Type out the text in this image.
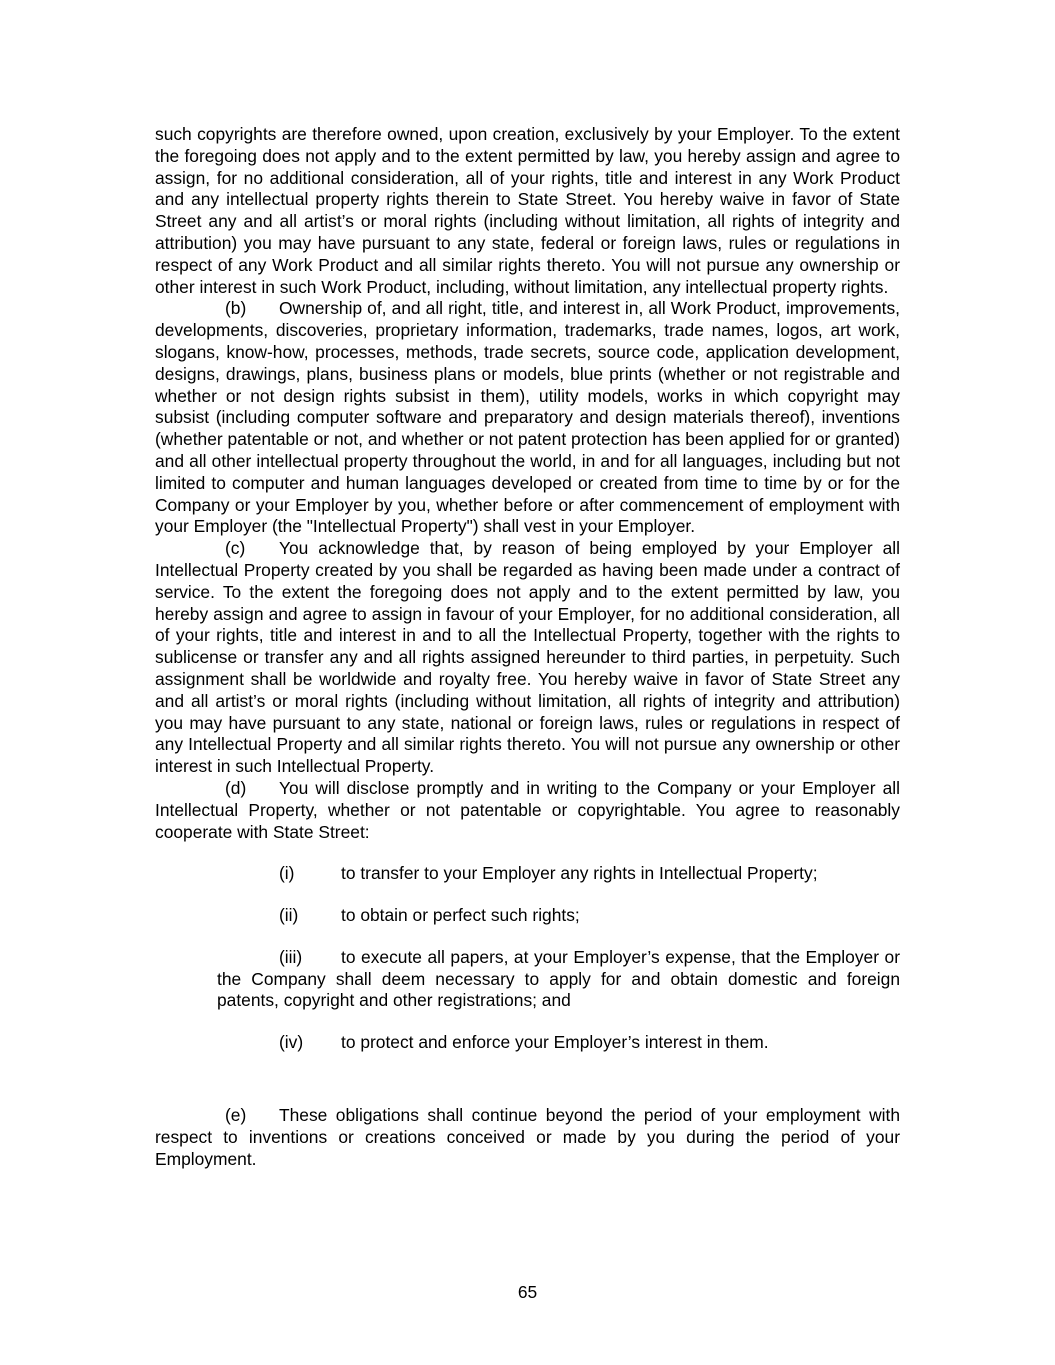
such copyrights are therefore owned, upon creation, exclusively by your Employer. To the extent the foregoing does not apply and to the extent permitted by law, you hereby assign and agree to assign, for no additional consideration, all of your rights, title and interest in any Work Product and any intellectual property rights therein to State Street. You hereby waive in favor of State Street any and all artist’s or moral rights (including without limitation, all rights of integrity and attribution) you may have pursuant to any state, federal or foreign laws, rules or regulations in respect of any Work Product and all similar rights thereto. You will not pursue any ownership or other interest in such Work Product, including, without limitation, any intellectual property rights.

(b) Ownership of, and all right, title, and interest in, all Work Product, improvements, developments, discoveries, proprietary information, trademarks, trade names, logos, art work, slogans, know-how, processes, methods, trade secrets, source code, application development, designs, drawings, plans, business plans or models, blue prints (whether or not registrable and whether or not design rights subsist in them), utility models, works in which copyright may subsist (including computer software and preparatory and design materials thereof), inventions (whether patentable or not, and whether or not patent protection has been applied for or granted) and all other intellectual property throughout the world, in and for all languages, including but not limited to computer and human languages developed or created from time to time by or for the Company or your Employer by you, whether before or after commencement of employment with your Employer (the "Intellectual Property") shall vest in your Employer.

(c) You acknowledge that, by reason of being employed by your Employer all Intellectual Property created by you shall be regarded as having been made under a contract of service. To the extent the foregoing does not apply and to the extent permitted by law, you hereby assign and agree to assign in favour of your Employer, for no additional consideration, all of your rights, title and interest in and to all the Intellectual Property, together with the rights to sublicense or transfer any and all rights assigned hereunder to third parties, in perpetuity. Such assignment shall be worldwide and royalty free. You hereby waive in favor of State Street any and all artist’s or moral rights (including without limitation, all rights of integrity and attribution) you may have pursuant to any state, national or foreign laws, rules or regulations in respect of any Intellectual Property and all similar rights thereto. You will not pursue any ownership or other interest in such Intellectual Property.

(d) You will disclose promptly and in writing to the Company or your Employer all Intellectual Property, whether or not patentable or copyrightable. You agree to reasonably cooperate with State Street:

(i)	to transfer to your Employer any rights in Intellectual Property;

(ii) to obtain or perfect such rights;

(iii) to execute all papers, at your Employer’s expense, that the Employer or the Company shall deem necessary to apply for and obtain domestic and foreign patents, copyright and other registrations; and

(iv) to protect and enforce your Employer’s interest in them.

(e) These obligations shall continue beyond the period of your employment with respect to inventions or creations conceived or made by you during the period of your Employment.

65
